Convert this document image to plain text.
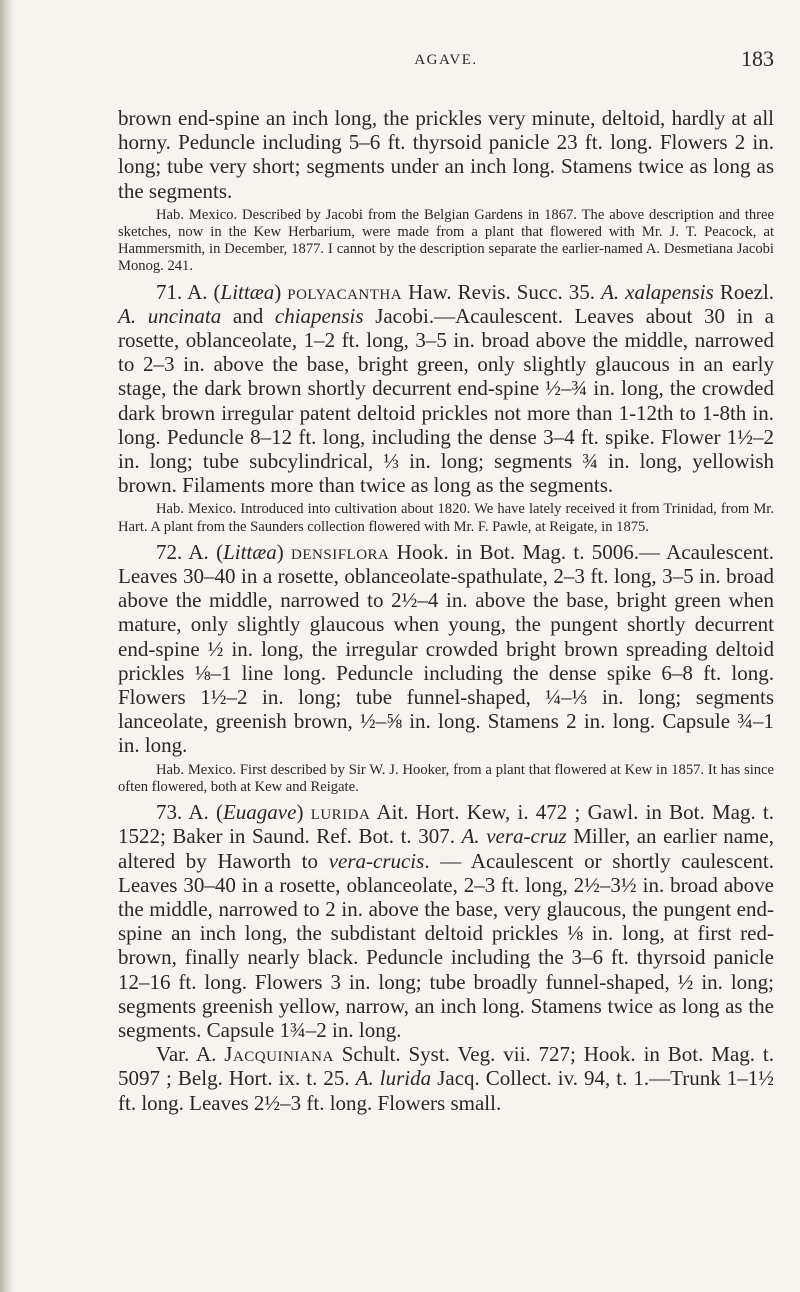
AGAVE.	183

brown end-spine an inch long, the prickles very minute, deltoid, hardly at all horny. Peduncle including 5–6 ft. thyrsoid panicle 23 ft. long. Flowers 2 in. long; tube very short; segments under an inch long. Stamens twice as long as the segments.

Hab. Mexico. Described by Jacobi from the Belgian Gardens in 1867. The above description and three sketches, now in the Kew Herbarium, were made from a plant that flowered with Mr. J. T. Peacock, at Hammersmith, in December, 1877. I cannot by the description separate the earlier-named A. Desmetiana Jacobi Monog. 241.

71. A. (Littæa) polyacantha Haw. Revis. Succ. 35. A. xalapensis Roezl. A. uncinata and chiapensis Jacobi.—Acaulescent. Leaves about 30 in a rosette, oblanceolate, 1–2 ft. long, 3–5 in. broad above the middle, narrowed to 2–3 in. above the base, bright green, only slightly glaucous in an early stage, the dark brown shortly decurrent end-spine ½–¾ in. long, the crowded dark brown irregular patent deltoid prickles not more than 1-12th to 1-8th in. long. Peduncle 8–12 ft. long, including the dense 3–4 ft. spike. Flower 1½–2 in. long; tube subcylindrical, ⅓ in. long; segments ¾ in. long, yellowish brown. Filaments more than twice as long as the segments.

Hab. Mexico. Introduced into cultivation about 1820. We have lately received it from Trinidad, from Mr. Hart. A plant from the Saunders collection flowered with Mr. F. Pawle, at Reigate, in 1875.

72. A. (Littæa) densiflora Hook. in Bot. Mag. t. 5006.— Acaulescent. Leaves 30–40 in a rosette, oblanceolate-spathulate, 2–3 ft. long, 3–5 in. broad above the middle, narrowed to 2½–4 in. above the base, bright green when mature, only slightly glaucous when young, the pungent shortly decurrent end-spine ½ in. long, the irregular crowded bright brown spreading deltoid prickles ⅛–1 line long. Peduncle including the dense spike 6–8 ft. long. Flowers 1½–2 in. long; tube funnel-shaped, ¼–⅓ in. long; segments lanceolate, greenish brown, ½–⅝ in. long. Stamens 2 in. long. Capsule ¾–1 in. long.

Hab. Mexico. First described by Sir W. J. Hooker, from a plant that flowered at Kew in 1857. It has since often flowered, both at Kew and Reigate.

73. A. (Euagave) lurida Ait. Hort. Kew, i. 472 ; Gawl. in Bot. Mag. t. 1522; Baker in Saund. Ref. Bot. t. 307. A. vera-cruz Miller, an earlier name, altered by Haworth to vera-crucis. — Acaulescent or shortly caulescent. Leaves 30–40 in a rosette, oblanceolate, 2–3 ft. long, 2½–3½ in. broad above the middle, narrowed to 2 in. above the base, very glaucous, the pungent end-spine an inch long, the subdistant deltoid prickles ⅛ in. long, at first red-brown, finally nearly black. Peduncle including the 3–6 ft. thyrsoid panicle 12–16 ft. long. Flowers 3 in. long; tube broadly funnel-shaped, ½ in. long; segments greenish yellow, narrow, an inch long. Stamens twice as long as the segments. Capsule 1¾–2 in. long.

Var. A. Jacquiniana Schult. Syst. Veg. vii. 727; Hook. in Bot. Mag. t. 5097 ; Belg. Hort. ix. t. 25. A. lurida Jacq. Collect. iv. 94, t. 1.—Trunk 1–1½ ft. long. Leaves 2½–3 ft. long. Flowers small.
